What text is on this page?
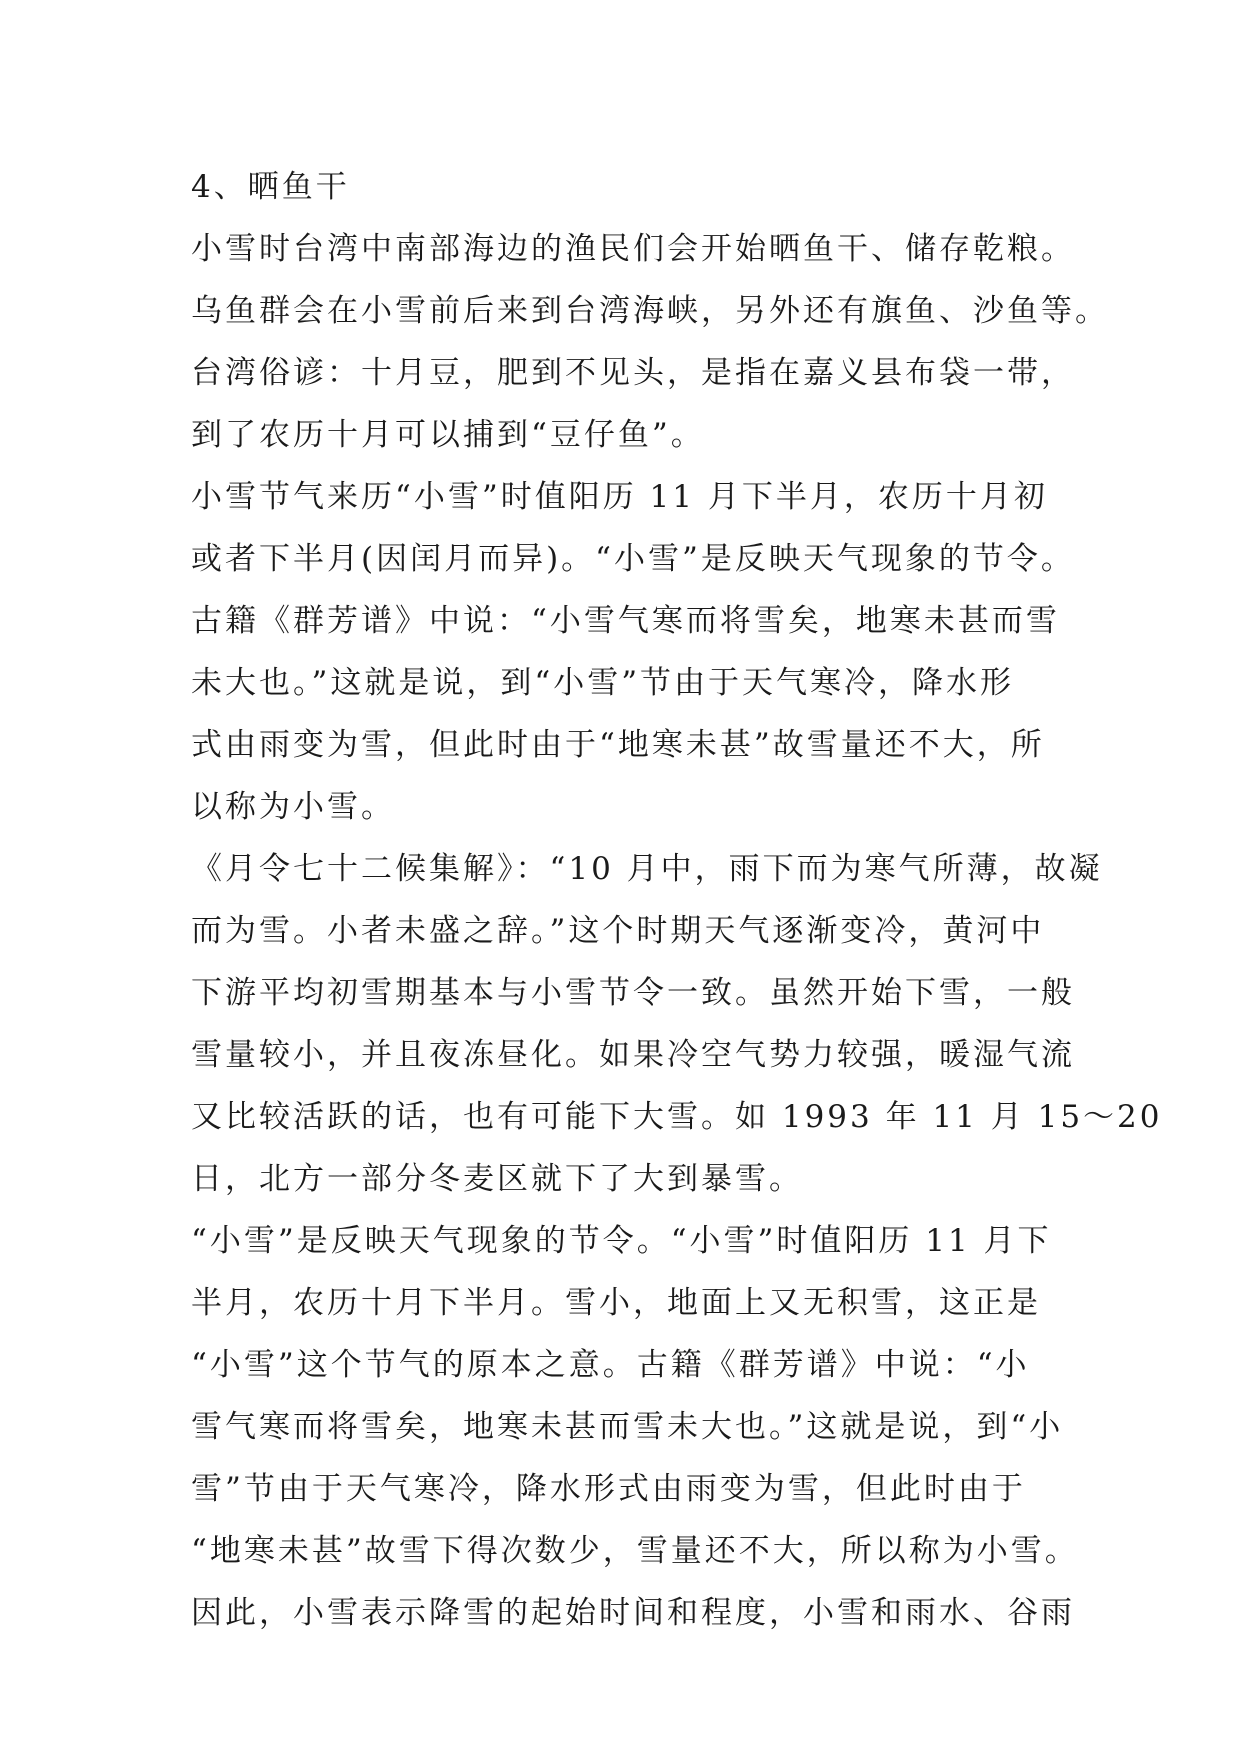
4、晒鱼干
小雪时台湾中南部海边的渔民们会开始晒鱼干、储存乾粮。
乌鱼群会在小雪前后来到台湾海峡，另外还有旗鱼、沙鱼等。
台湾俗谚：十月豆，肥到不见头，是指在嘉义县布袋一带，
到了农历十月可以捕到“豆仔鱼”。
小雪节气来历“小雪”时值阳历 11 月下半月，农历十月初
或者下半月(因闰月而异)。“小雪”是反映天气现象的节令。
古籍《群芳谱》中说：“小雪气寒而将雪矣，地寒未甚而雪
未大也。”这就是说，到“小雪”节由于天气寒冷，降水形
式由雨变为雪，但此时由于“地寒未甚”故雪量还不大，所
以称为小雪。
《月令七十二候集解》：“10 月中，雨下而为寒气所薄，故凝
而为雪。小者未盛之辞。”这个时期天气逐渐变冷，黄河中
下游平均初雪期基本与小雪节令一致。虽然开始下雪，一般
雪量较小，并且夜冻昼化。如果冷空气势力较强，暖湿气流
又比较活跃的话，也有可能下大雪。如 1993 年 11 月 15～20
日，北方一部分冬麦区就下了大到暴雪。
“小雪”是反映天气现象的节令。“小雪”时值阳历 11 月下
半月，农历十月下半月。雪小，地面上又无积雪，这正是
“小雪”这个节气的原本之意。古籍《群芳谱》中说：“小
雪气寒而将雪矣，地寒未甚而雪未大也。”这就是说，到“小
雪”节由于天气寒冷，降水形式由雨变为雪，但此时由于
“地寒未甚”故雪下得次数少，雪量还不大，所以称为小雪。
因此，小雪表示降雪的起始时间和程度，小雪和雨水、谷雨
